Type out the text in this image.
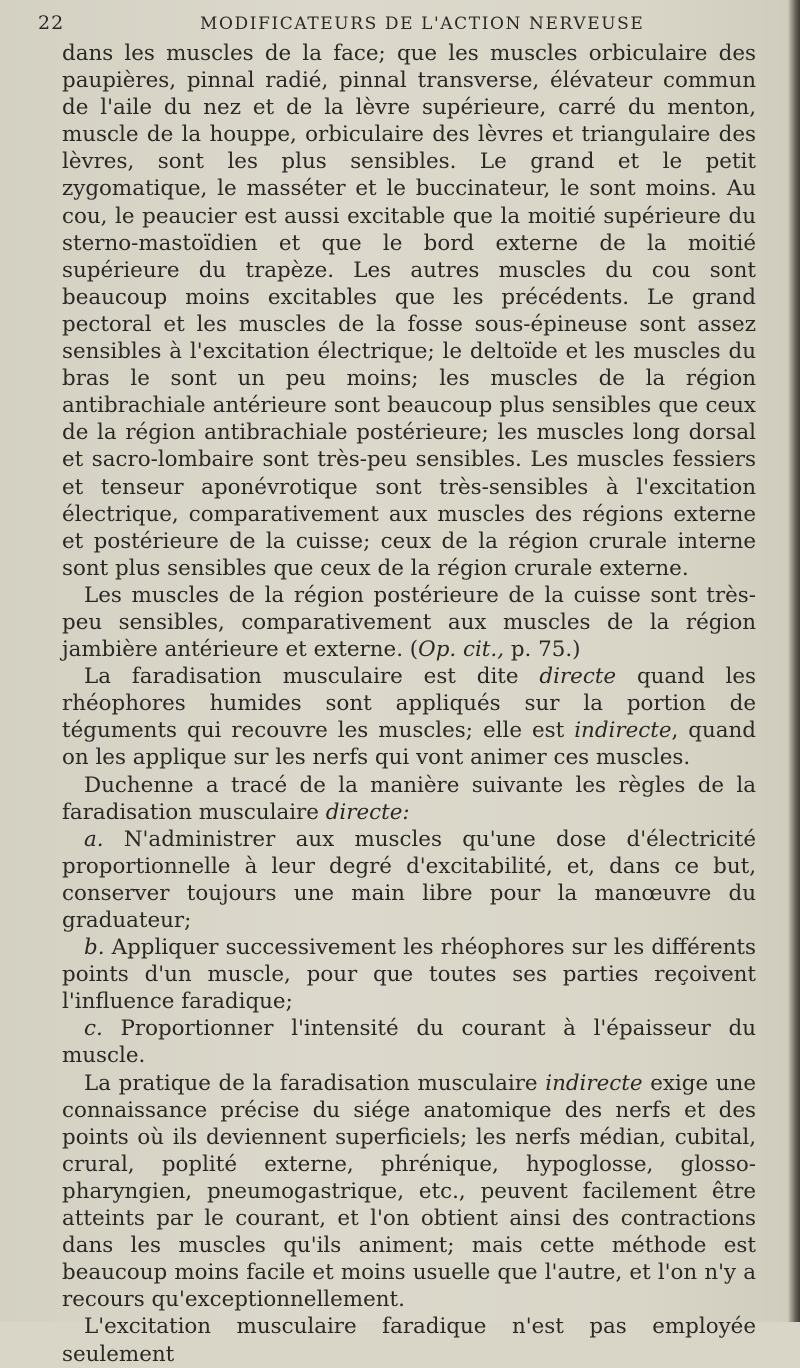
22	MODIFICATEURS DE L'ACTION NERVEUSE

dans les muscles de la face; que les muscles orbiculaire des paupières, pinnal radié, pinnal transverse, élévateur commun de l'aile du nez et de la lèvre supérieure, carré du menton, muscle de la houppe, orbiculaire des lèvres et triangulaire des lèvres, sont les plus sensibles. Le grand et le petit zygomatique, le masséter et le buccinateur, le sont moins. Au cou, le peaucier est aussi excitable que la moitié supérieure du sterno-mastoïdien et que le bord externe de la moitié supérieure du trapèze. Les autres muscles du cou sont beaucoup moins excitables que les précédents. Le grand pectoral et les muscles de la fosse sous-épineuse sont assez sensibles à l'excitation électrique; le deltoïde et les muscles du bras le sont un peu moins; les muscles de la région antibrachiale antérieure sont beaucoup plus sensibles que ceux de la région antibrachiale postérieure; les muscles long dorsal et sacro-lombaire sont très-peu sensibles. Les muscles fessiers et tenseur aponévrotique sont très-sensibles à l'excitation électrique, comparativement aux muscles des régions externe et postérieure de la cuisse; ceux de la région crurale interne sont plus sensibles que ceux de la région crurale externe.

Les muscles de la région postérieure de la cuisse sont très-peu sensibles, comparativement aux muscles de la région jambière antérieure et externe. (Op. cit., p. 75.)

La faradisation musculaire est dite directe quand les rhéophores humides sont appliqués sur la portion de téguments qui recouvre les muscles; elle est indirecte, quand on les applique sur les nerfs qui vont animer ces muscles.

Duchenne a tracé de la manière suivante les règles de la faradisation musculaire directe:

a. N'administrer aux muscles qu'une dose d'électricité proportionnelle à leur degré d'excitabilité, et, dans ce but, conserver toujours une main libre pour la manœuvre du graduateur;

b. Appliquer successivement les rhéophores sur les différents points d'un muscle, pour que toutes ses parties reçoivent l'influence faradique;

c. Proportionner l'intensité du courant à l'épaisseur du muscle.

La pratique de la faradisation musculaire indirecte exige une connaissance précise du siége anatomique des nerfs et des points où ils deviennent superficiels; les nerfs médian, cubital, crural, poplité externe, phrénique, hypoglosse, glosso-pharyngien, pneumogastrique, etc., peuvent facilement être atteints par le courant, et l'on obtient ainsi des contractions dans les muscles qu'ils animent; mais cette méthode est beaucoup moins facile et moins usuelle que l'autre, et l'on n'y a recours qu'exceptionnellement.

L'excitation musculaire faradique n'est pas employée seulement
